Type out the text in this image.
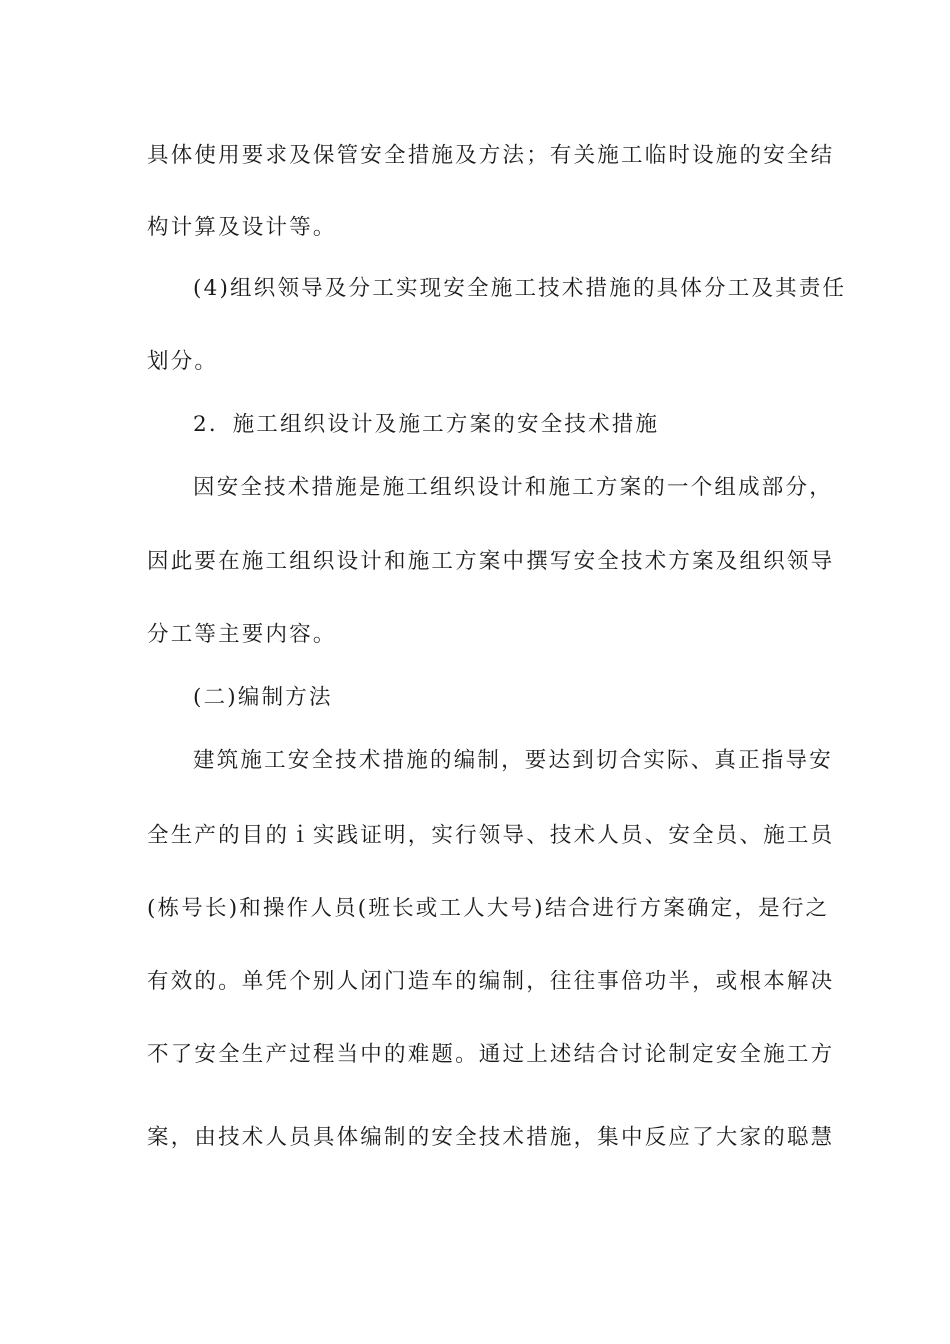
具体使用要求及保管安全措施及方法；有关施工临时设施的安全结
构计算及设计等。
(4)组织领导及分工实现安全施工技术措施的具体分工及其责任
划分。
2．施工组织设计及施工方案的安全技术措施
因安全技术措施是施工组织设计和施工方案的一个组成部分，
因此要在施工组织设计和施工方案中撰写安全技术方案及组织领导
分工等主要内容。
(二)编制方法
建筑施工安全技术措施的编制，要达到切合实际、真正指导安
全生产的目的ｉ实践证明，实行领导、技术人员、安全员、施工员
(栋号长)和操作人员(班长或工人大号)结合进行方案确定，是行之
有效的。单凭个别人闭门造车的编制，往往事倍功半，或根本解决
不了安全生产过程当中的难题。通过上述结合讨论制定安全施工方
案，由技术人员具体编制的安全技术措施，集中反应了大家的聪慧
